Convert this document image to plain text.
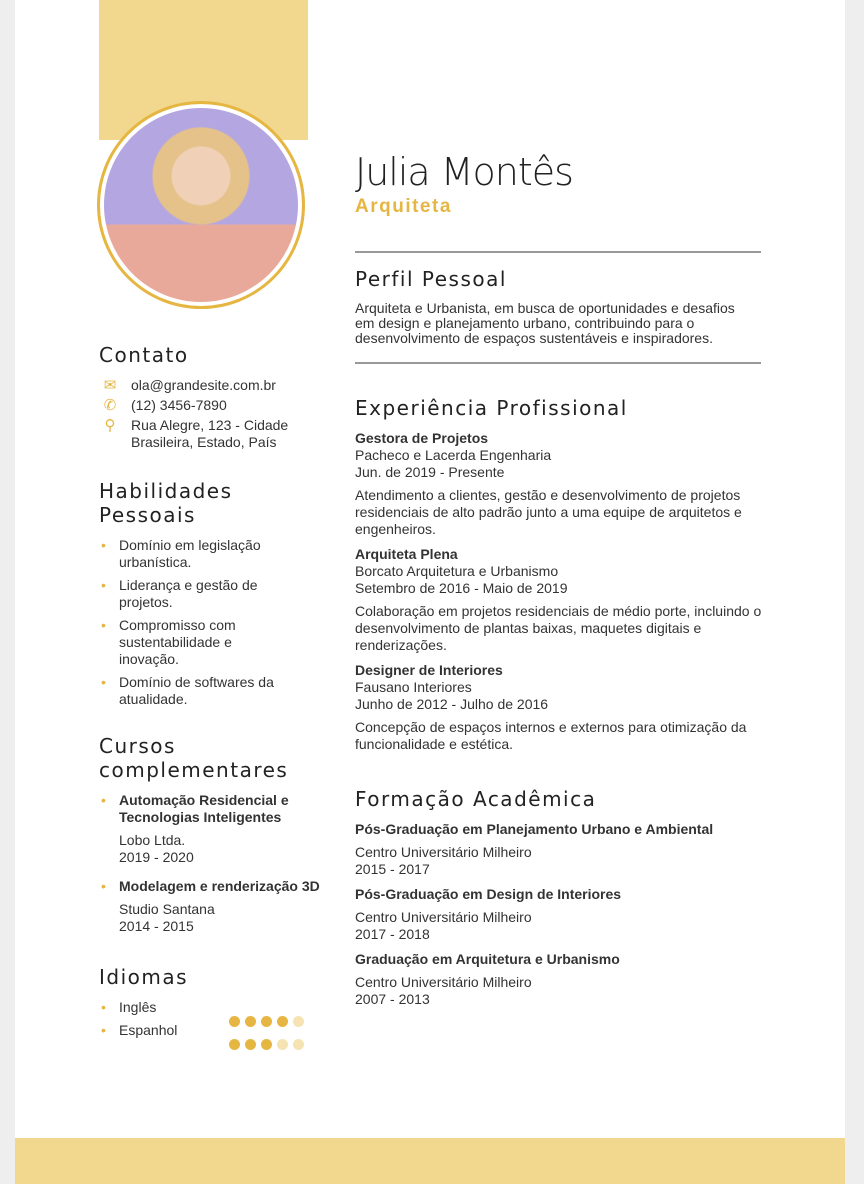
Contato
✉	ola@grandesite.com.br
✆	(12) 3456-7890
⚲	Rua Alegre, 123 - Cidade Brasileira, Estado, País
Habilidades Pessoais
• Domínio em legislação urbanística.
• Liderança e gestão de projetos.
• Compromisso com sustentabilidade e inovação.
• Domínio de softwares da atualidade.
Cursos complementares
• Automação Residencial e Tecnologias Inteligentes
Lobo Ltda.
2019 - 2020
• Modelagem e renderização 3D
Studio Santana
2014 - 2015
Idiomas
• Inglês
• Espanhol
Julia Montês
Arquiteta
Perfil Pessoal
Arquiteta e Urbanista, em busca de oportunidades e desafios em design e planejamento urbano, contribuindo para o desenvolvimento de espaços sustentáveis e inspiradores.
Experiência Profissional
Gestora de Projetos
Pacheco e Lacerda Engenharia
Jun. de 2019 - Presente
Atendimento a clientes, gestão e desenvolvimento de projetos residenciais de alto padrão junto a uma equipe de arquitetos e engenheiros.
Arquiteta Plena
Borcato Arquitetura e Urbanismo
Setembro de 2016 - Maio de 2019
Colaboração em projetos residenciais de médio porte, incluindo o desenvolvimento de plantas baixas, maquetes digitais e renderizações.
Designer de Interiores
Fausano Interiores
Junho de 2012 - Julho de 2016
Concepção de espaços internos e externos para otimização da funcionalidade e estética.
Formação Acadêmica
Pós-Graduação em Planejamento Urbano e Ambiental
Centro Universitário Milheiro
2015 - 2017
Pós-Graduação em Design de Interiores
Centro Universitário Milheiro
2017 - 2018
Graduação em Arquitetura e Urbanismo
Centro Universitário Milheiro
2007 - 2013
